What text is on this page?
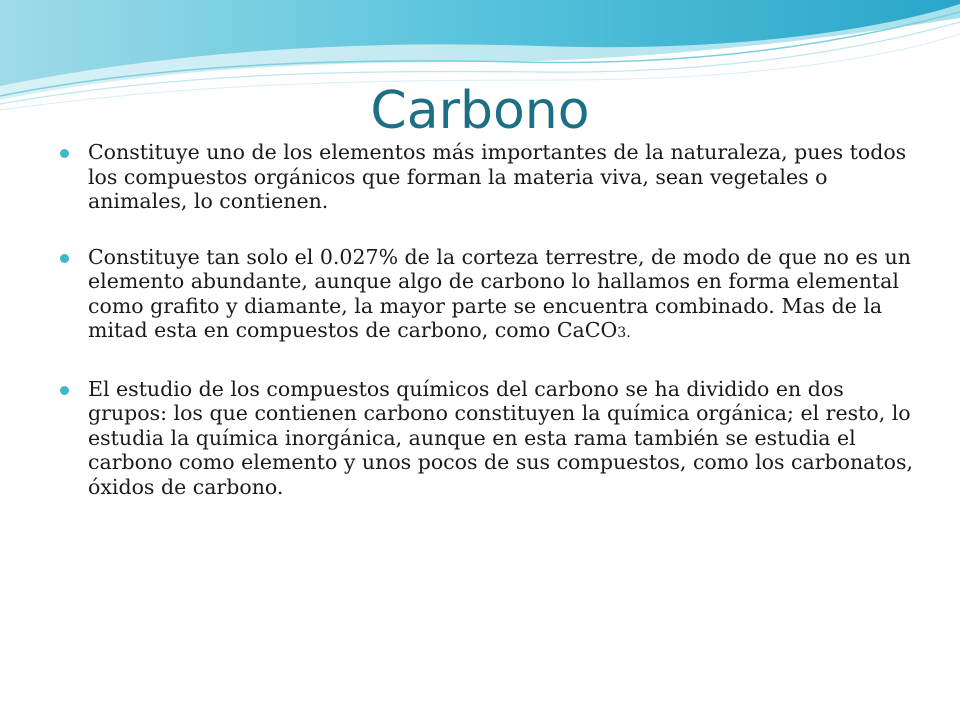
Carbono
Constituye uno de los elementos más importantes de la naturaleza, pues todos los compuestos orgánicos que forman la materia viva, sean vegetales o animales, lo contienen.
Constituye tan solo el 0.027% de la corteza terrestre, de modo de que no es un elemento abundante, aunque algo de carbono lo hallamos en forma elemental como grafito y diamante, la mayor parte se encuentra combinado. Mas de la mitad esta en compuestos de carbono, como CaCO3.
El estudio de los compuestos químicos del carbono se ha dividido en dos grupos: los que contienen carbono constituyen la química orgánica; el resto, lo estudia la química inorgánica, aunque en esta rama también se estudia el carbono como elemento y unos pocos de sus compuestos, como los carbonatos, óxidos de carbono.
